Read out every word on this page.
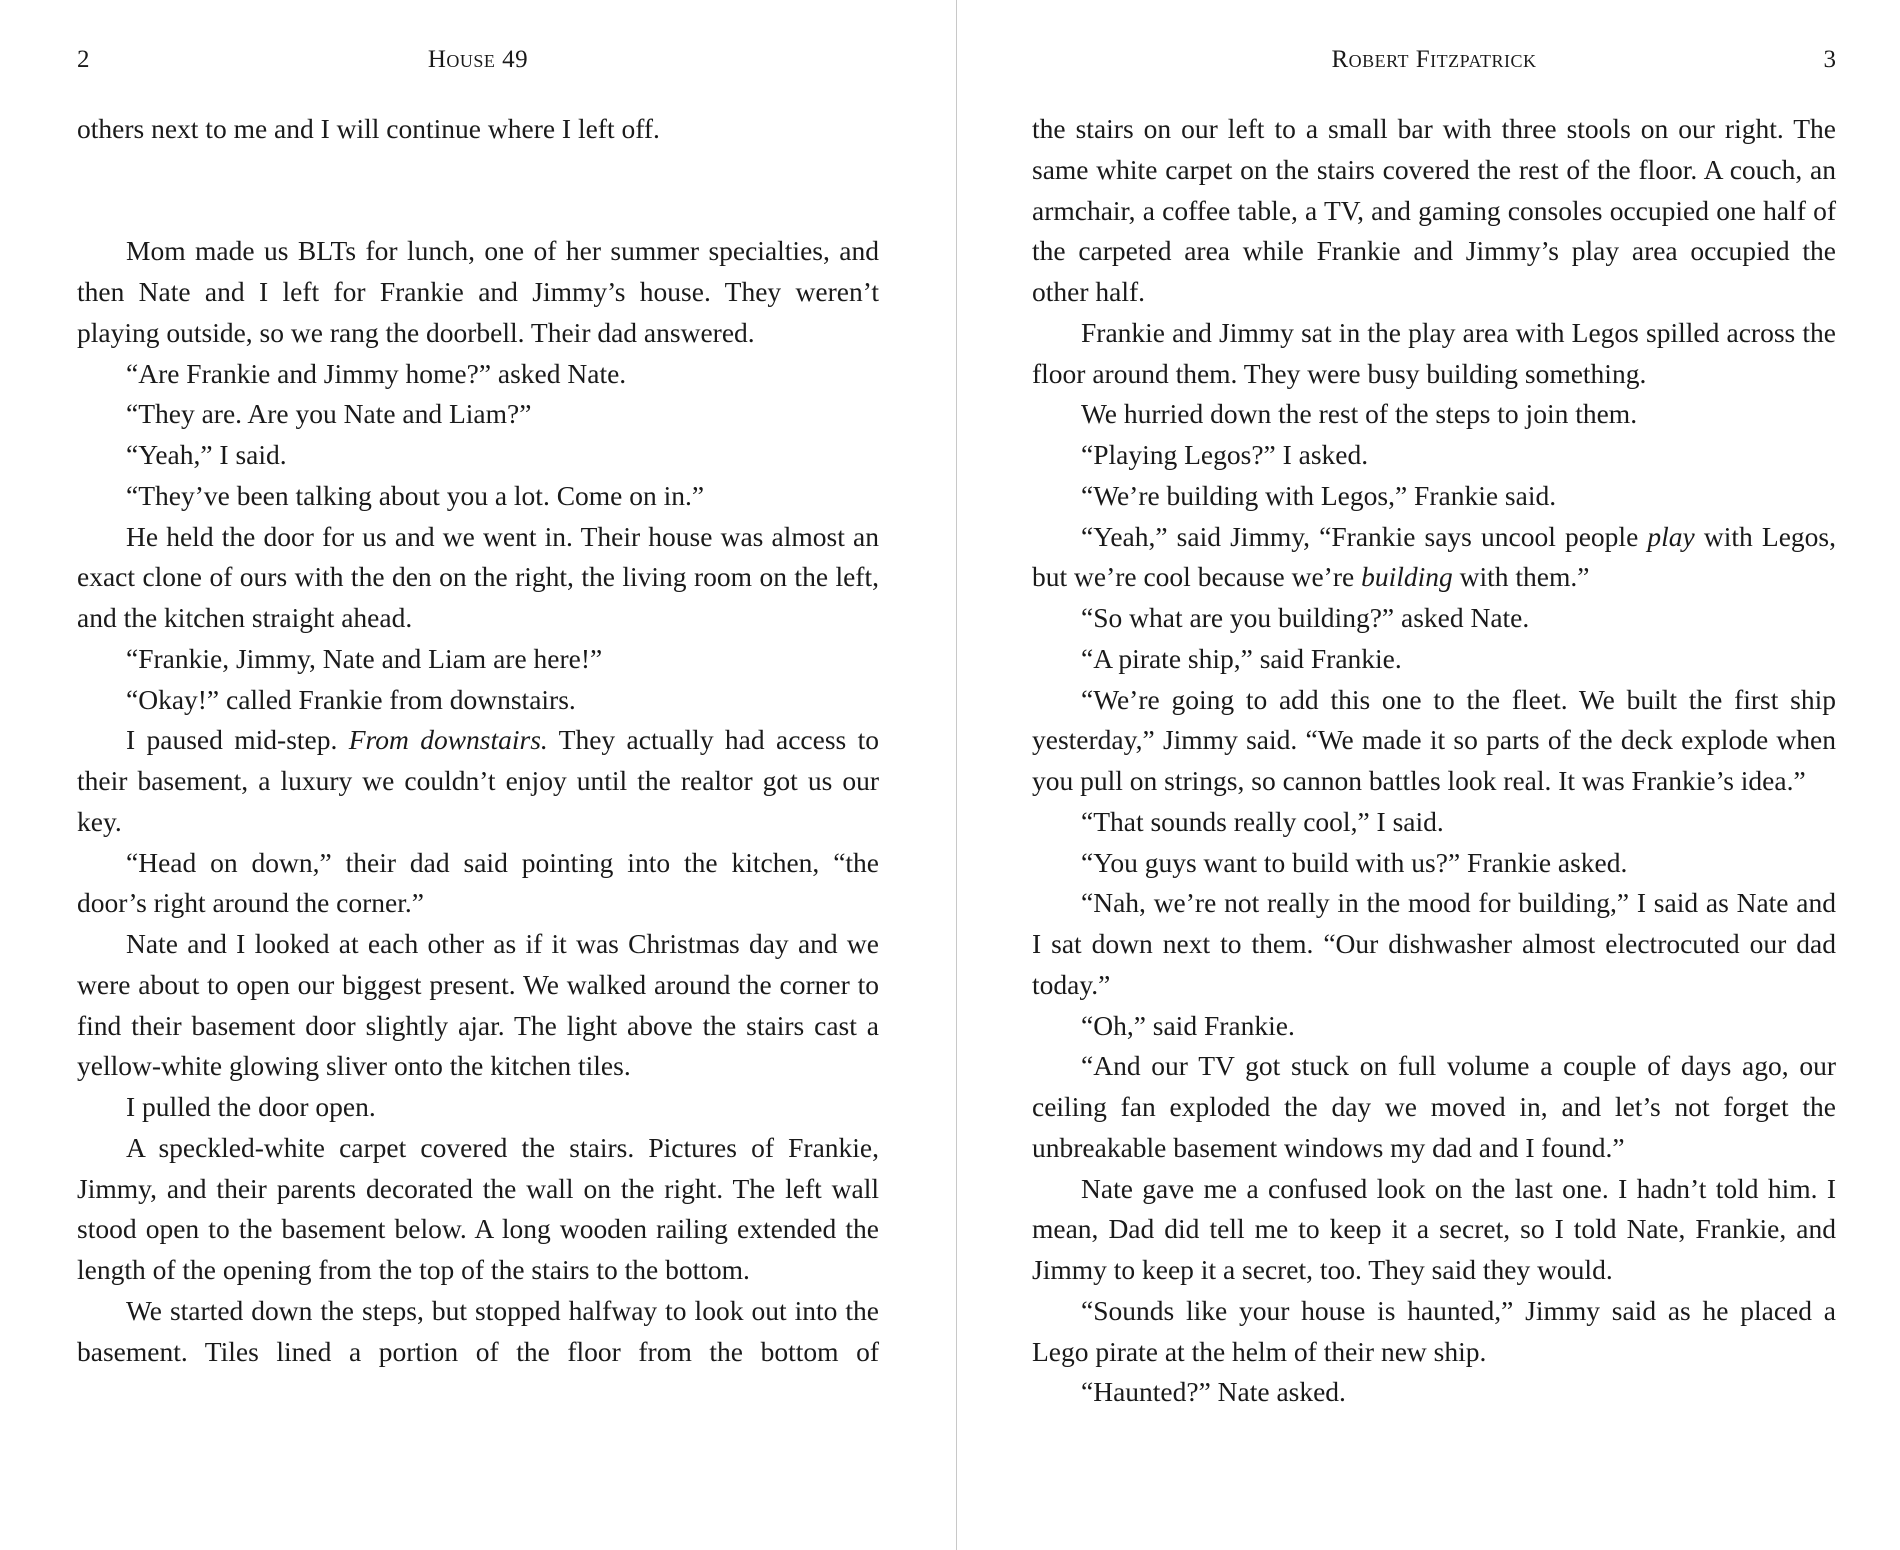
2	House 49

others next to me and I will continue where I left off.

Mom made us BLTs for lunch, one of her summer specialties, and then Nate and I left for Frankie and Jimmy’s house. They weren’t playing outside, so we rang the doorbell. Their dad answered.

“Are Frankie and Jimmy home?” asked Nate.

“They are. Are you Nate and Liam?”

“Yeah,” I said.

“They’ve been talking about you a lot. Come on in.”

He held the door for us and we went in. Their house was almost an exact clone of ours with the den on the right, the living room on the left, and the kitchen straight ahead.

“Frankie, Jimmy, Nate and Liam are here!”

“Okay!” called Frankie from downstairs.

I paused mid-step. From downstairs. They actually had access to their basement, a luxury we couldn’t enjoy until the realtor got us our key.

“Head on down,” their dad said pointing into the kitchen, “the door’s right around the corner.”

Nate and I looked at each other as if it was Christmas day and we were about to open our biggest present. We walked around the corner to find their basement door slightly ajar. The light above the stairs cast a yellow-white glowing sliver onto the kitchen tiles.

I pulled the door open.

A speckled-white carpet covered the stairs. Pictures of Frankie, Jimmy, and their parents decorated the wall on the right. The left wall stood open to the basement below. A long wooden railing extended the length of the opening from the top of the stairs to the bottom.

We started down the steps, but stopped halfway to look out into the basement. Tiles lined a portion of the floor from the bottom of

Robert Fitzpatrick	3

the stairs on our left to a small bar with three stools on our right. The same white carpet on the stairs covered the rest of the floor. A couch, an armchair, a coffee table, a TV, and gaming consoles occupied one half of the carpeted area while Frankie and Jimmy’s play area occupied the other half.

Frankie and Jimmy sat in the play area with Legos spilled across the floor around them. They were busy building something.

We hurried down the rest of the steps to join them.

“Playing Legos?” I asked.

“We’re building with Legos,” Frankie said.

“Yeah,” said Jimmy, “Frankie says uncool people play with Legos, but we’re cool because we’re building with them.”

“So what are you building?” asked Nate.

“A pirate ship,” said Frankie.

“We’re going to add this one to the fleet. We built the first ship yesterday,” Jimmy said. “We made it so parts of the deck explode when you pull on strings, so cannon battles look real. It was Frankie’s idea.”

“That sounds really cool,” I said.

“You guys want to build with us?” Frankie asked.

“Nah, we’re not really in the mood for building,” I said as Nate and I sat down next to them. “Our dishwasher almost electrocuted our dad today.”

“Oh,” said Frankie.

“And our TV got stuck on full volume a couple of days ago, our ceiling fan exploded the day we moved in, and let’s not forget the unbreakable basement windows my dad and I found.”

Nate gave me a confused look on the last one. I hadn’t told him. I mean, Dad did tell me to keep it a secret, so I told Nate, Frankie, and Jimmy to keep it a secret, too. They said they would.

“Sounds like your house is haunted,” Jimmy said as he placed a Lego pirate at the helm of their new ship.

“Haunted?” Nate asked.
